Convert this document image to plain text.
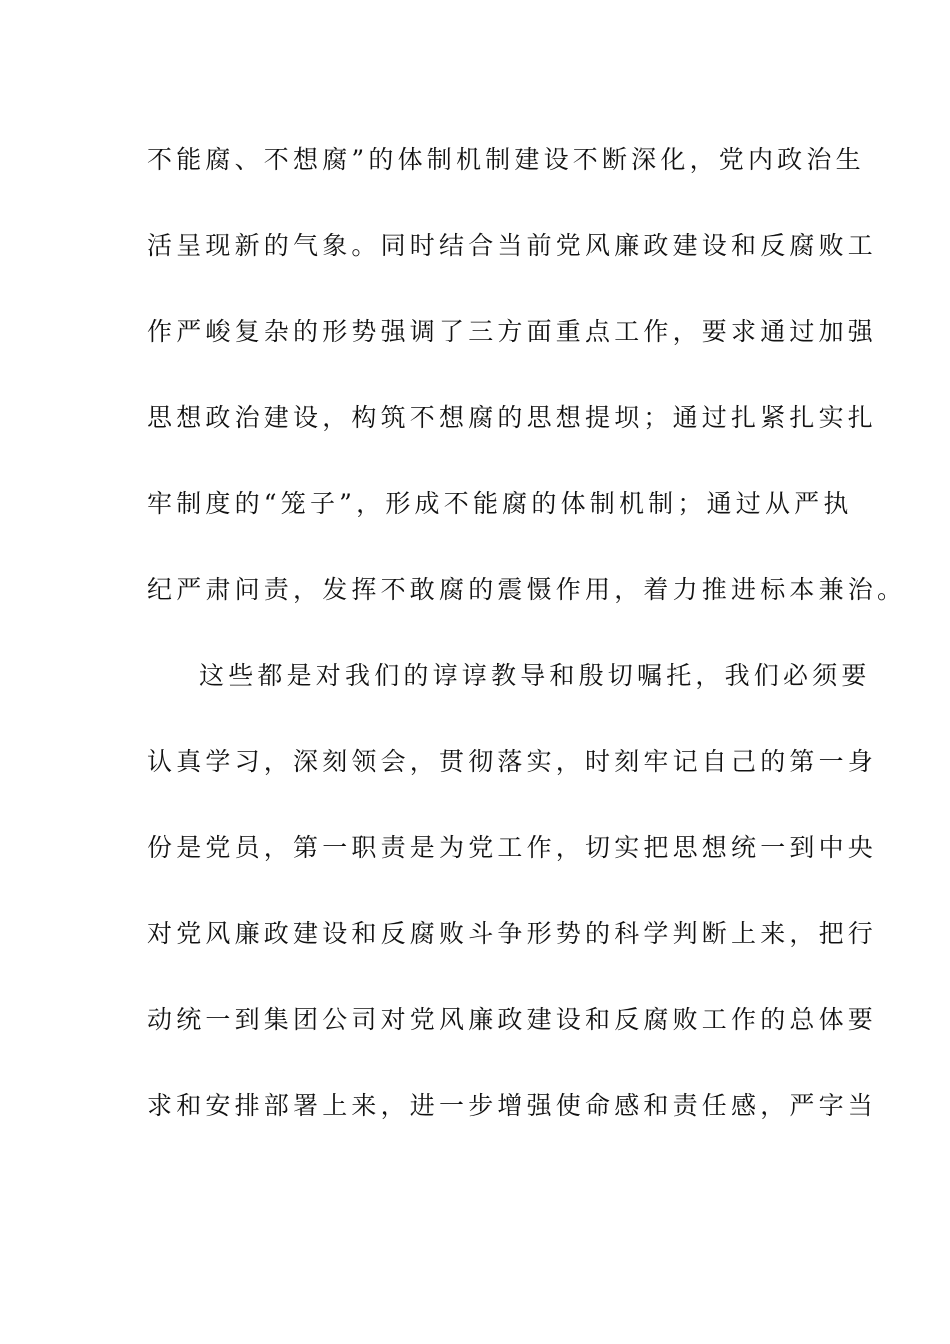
不能腐、不想腐”的体制机制建设不断深化，党内政治生
活呈现新的气象。同时结合当前党风廉政建设和反腐败工
作严峻复杂的形势强调了三方面重点工作，要求通过加强
思想政治建设，构筑不想腐的思想提坝；通过扎紧扎实扎
牢制度的“笼子”，形成不能腐的体制机制；通过从严执
纪严肃问责，发挥不敢腐的震慑作用，着力推进标本兼治。
这些都是对我们的谆谆教导和殷切嘱托，我们必须要
认真学习，深刻领会，贯彻落实，时刻牢记自己的第一身
份是党员，第一职责是为党工作，切实把思想统一到中央
对党风廉政建设和反腐败斗争形势的科学判断上来，把行
动统一到集团公司对党风廉政建设和反腐败工作的总体要
求和安排部署上来，进一步增强使命感和责任感，严字当
